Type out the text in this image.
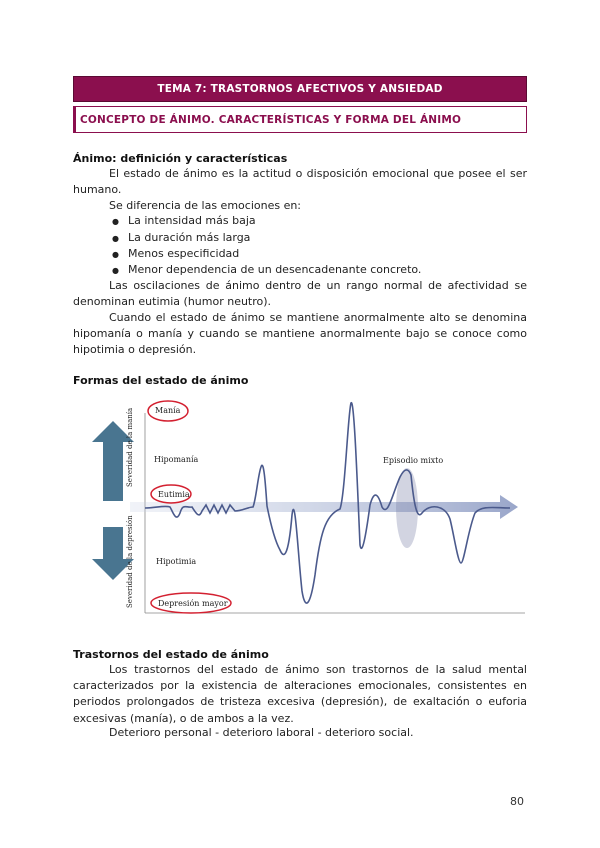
TEMA 7: TRASTORNOS AFECTIVOS Y ANSIEDAD
CONCEPTO DE ÁNIMO. CARACTERÍSTICAS Y FORMA DEL ÁNIMO
Ánimo: definición y características
El estado de ánimo es la actitud o disposición emocional que posee el ser humano.
Se diferencia de las emociones en:
● La intensidad más baja
● La duración más larga
● Menos especificidad
● Menor dependencia de un desencadenante concreto.
Las oscilaciones de ánimo dentro de un rango normal de afectividad se denominan eutimia (humor neutro).
Cuando el estado de ánimo se mantiene anormalmente alto se denomina hipomanía o manía y cuando se mantiene anormalmente bajo se conoce como hipotimia o depresión.
Formas del estado de ánimo
Severidad de la manía
Severidad de la depresión
Manía
Hipomanía
Eutimia
Hipotimia
Depresión mayor
Episodio mixto
Trastornos del estado de ánimo
Los trastornos del estado de ánimo son trastornos de la salud mental caracterizados por la existencia de alteraciones emocionales, consistentes en periodos prolongados de tristeza excesiva (depresión), de exaltación o euforia excesivas (manía), o de ambos a la vez.
Deterioro personal - deterioro laboral - deterioro social.
80
